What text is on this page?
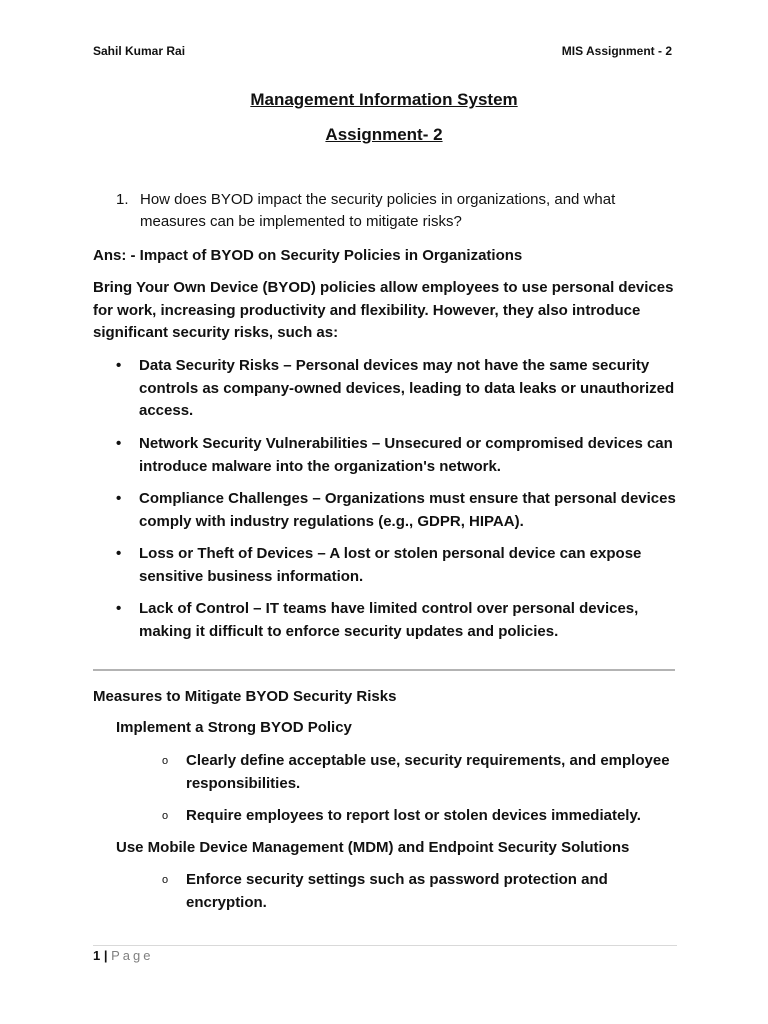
Sahil Kumar Rai	MIS Assignment - 2
Management Information System
Assignment- 2
1. How does BYOD impact the security policies in organizations, and what measures can be implemented to mitigate risks?
Ans: - Impact of BYOD on Security Policies in Organizations
Bring Your Own Device (BYOD) policies allow employees to use personal devices for work, increasing productivity and flexibility. However, they also introduce significant security risks, such as:
•	Data Security Risks – Personal devices may not have the same security controls as company-owned devices, leading to data leaks or unauthorized access.
•	Network Security Vulnerabilities – Unsecured or compromised devices can introduce malware into the organization's network.
•	Compliance Challenges – Organizations must ensure that personal devices comply with industry regulations (e.g., GDPR, HIPAA).
•	Loss or Theft of Devices – A lost or stolen personal device can expose sensitive business information.
•	Lack of Control – IT teams have limited control over personal devices, making it difficult to enforce security updates and policies.
Measures to Mitigate BYOD Security Risks
Implement a Strong BYOD Policy
o	Clearly define acceptable use, security requirements, and employee responsibilities.
o	Require employees to report lost or stolen devices immediately.
Use Mobile Device Management (MDM) and Endpoint Security Solutions
o	Enforce security settings such as password protection and encryption.
1 | Page
